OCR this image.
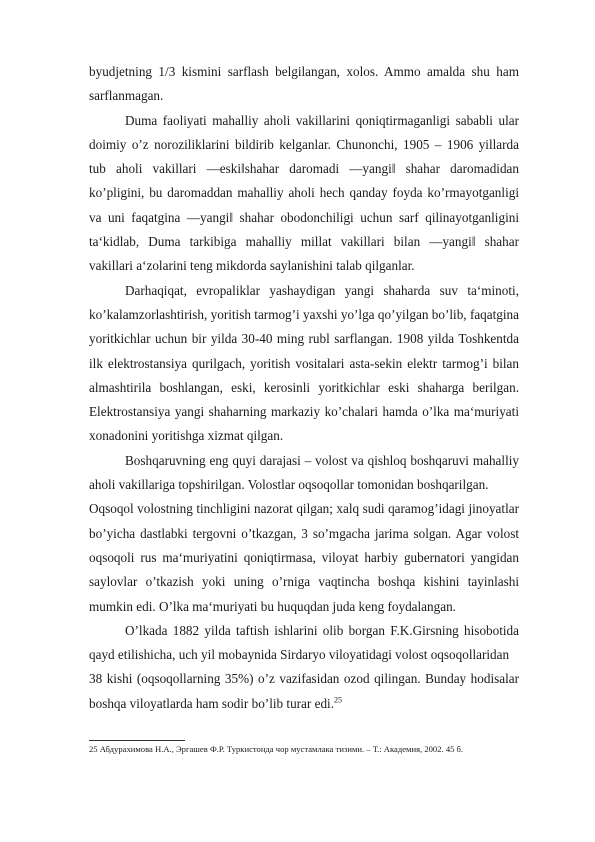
byudjetning 1/3 kismini sarflash belgilangan, xolos. Ammo amalda shu ham sarflanmagan.

Duma faoliyati mahalliy aholi vakillarini qoniqtirmaganligi sababli ular doimiy o’z noroziliklarini bildirib kelganlar. Chunonchi, 1905 – 1906 yillarda tub aholi vakillari ―eski‖shahar daromadi ―yangi‖ shahar daromadidan ko’pligini, bu daromaddan mahalliy aholi hech qanday foyda ko’rmayotganligi va uni faqatgina ―yangi‖ shahar obodonchiligi uchun sarf qilinayotganligini ta‘kidlab, Duma tarkibiga mahalliy millat vakillari bilan ―yangi‖ shahar vakillari a‘zolarini teng mikdorda saylanishini talab qilganlar.

Darhaqiqat, evropaliklar yashaydigan yangi shaharda suv ta‘minoti, ko’kalamzorlashtirish, yoritish tarmog’i yaxshi yo’lga qo’yilgan bo’lib, faqatgina yoritkichlar uchun bir yilda 30-40 ming rubl sarflangan. 1908 yilda Toshkentda ilk elektrostansiya qurilgach, yoritish vositalari asta-sekin elektr tarmog’i bilan almashtirila boshlangan, eski, kerosinli yoritkichlar eski shaharga berilgan. Elektrostansiya yangi shaharning markaziy ko’chalari hamda o’lka ma‘muriyati xonadonini yoritishga xizmat qilgan.

Boshqaruvning eng quyi darajasi – volost va qishloq boshqaruvi mahalliy aholi vakillariga topshirilgan. Volostlar oqsoqollar tomonidan boshqarilgan.

Oqsoqol volostning tinchligini nazorat qilgan; xalq sudi qaramog’idagi jinoyatlar bo’yicha dastlabki tergovni o’tkazgan, 3 so’mgacha jarima solgan. Agar volost oqsoqoli rus ma‘muriyatini qoniqtirmasa, viloyat harbiy gubernatori yangidan saylovlar o’tkazish yoki uning o’rniga vaqtincha boshqa kishini tayinlashi mumkin edi. O’lka ma‘muriyati bu huquqdan juda keng foydalangan.

O’lkada 1882 yilda taftish ishlarini olib borgan F.K.Girsning hisobotida qayd etilishicha, uch yil mobaynida Sirdaryo viloyatidagi volost oqsoqollaridan

38 kishi (oqsoqollarning 35%) o’z vazifasidan ozod qilingan. Bunday hodisalar boshqa viloyatlarda ham sodir bo’lib turar edi.$^{25}$

25 Абдурахимова Н.А., Эргашев Ф.Р. Туркистонда чор мустамлака тизими. – Т.: Академия, 2002. 45 б.
